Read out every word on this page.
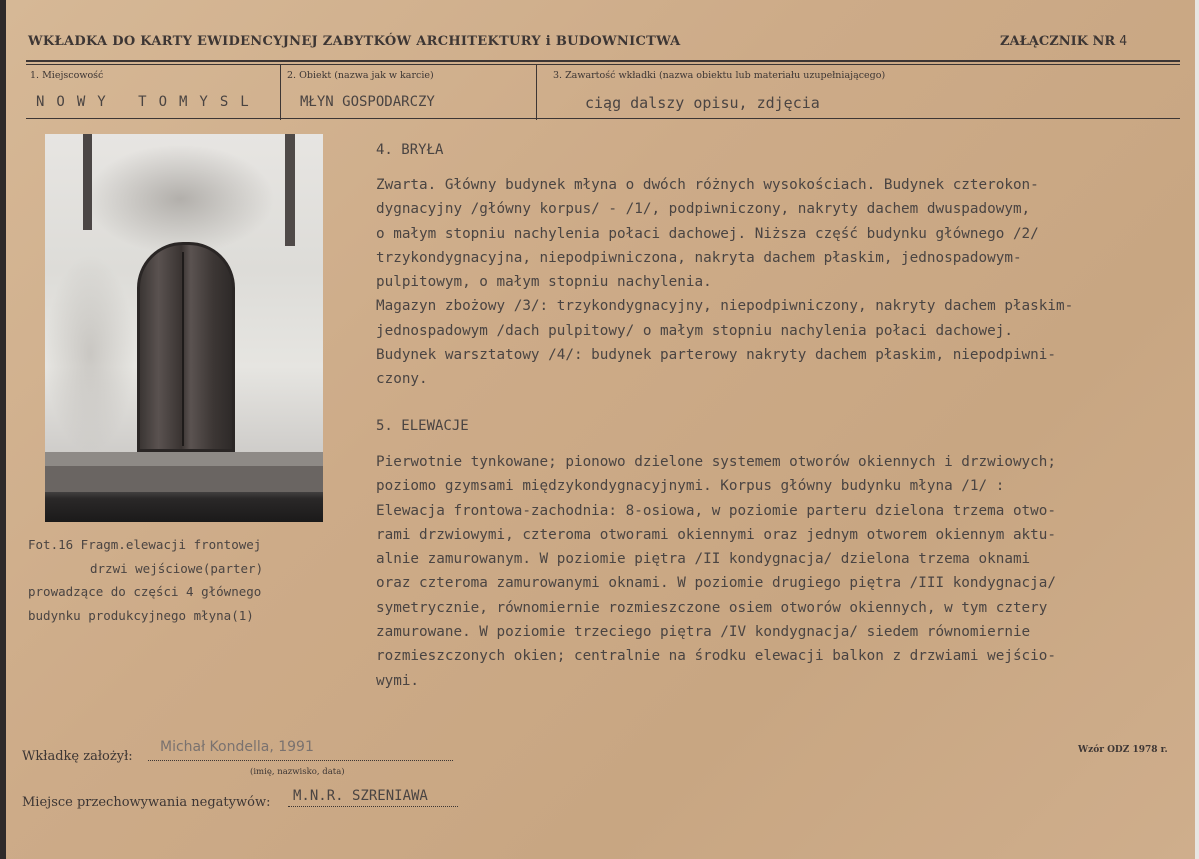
WKŁADKA DO KARTY EWIDENCYJNEJ ZABYTKÓW ARCHITEKTURY i BUDOWNICTWA	ZAŁĄCZNIK NR 4
1. Miejscowość
NOWY TOMYSL
2. Obiekt (nazwa jak w karcie)
MŁYN GOSPODARCZY
3. Zawartość wkładki (nazwa obiektu lub materiału uzupełniającego)
ciąg dalszy opisu, zdjęcia
Fot.16 Fragm.elewacji frontowej
drzwi wejściowe(parter)
prowadzące do części 4 głównego
budynku produkcyjnego młyna(1)
4. BRYŁA
Zwarta. Główny budynek młyna o dwóch różnych wysokościach. Budynek czterokon-
dygnacyjny /główny korpus/ - /1/, podpiwniczony, nakryty dachem dwuspadowym,
o małym stopniu nachylenia połaci dachowej. Niższa część budynku głównego /2/
trzykondygnacyjna, niepodpiwniczona, nakryta dachem płaskim, jednospadowym-
pulpitowym, o małym stopniu nachylenia.
Magazyn zbożowy /3/: trzykondygnacyjny, niepodpiwniczony, nakryty dachem płaskim-
jednospadowym /dach pulpitowy/ o małym stopniu nachylenia połaci dachowej.
Budynek warsztatowy /4/: budynek parterowy nakryty dachem płaskim, niepodpiwni-
czony.
5. ELEWACJE
Pierwotnie tynkowane; pionowo dzielone systemem otworów okiennych i drzwiowych;
poziomo gzymsami międzykondygnacyjnymi. Korpus główny budynku młyna /1/ :
Elewacja frontowa-zachodnia: 8-osiowa, w poziomie parteru dzielona trzema otwo-
rami drzwiowymi, czteroma otworami okiennymi oraz jednym otworem okiennym aktu-
alnie zamurowanym. W poziomie piętra /II kondygnacja/ dzielona trzema oknami
oraz czteroma zamurowanymi oknami. W poziomie drugiego piętra /III kondygnacja/
symetrycznie, równomiernie rozmieszczone osiem otworów okiennych, w tym cztery
zamurowane. W poziomie trzeciego piętra /IV kondygnacja/ siedem równomiernie
rozmieszczonych okien; centralnie na środku elewacji balkon z drzwiami wejścio-
wymi.
Wkładkę założył:
Michał Kondella, 1991
(imię, nazwisko, data)
Miejsce przechowywania negatywów: M.N.R. SZRENIAWA
Wzór ODZ 1978 r.
